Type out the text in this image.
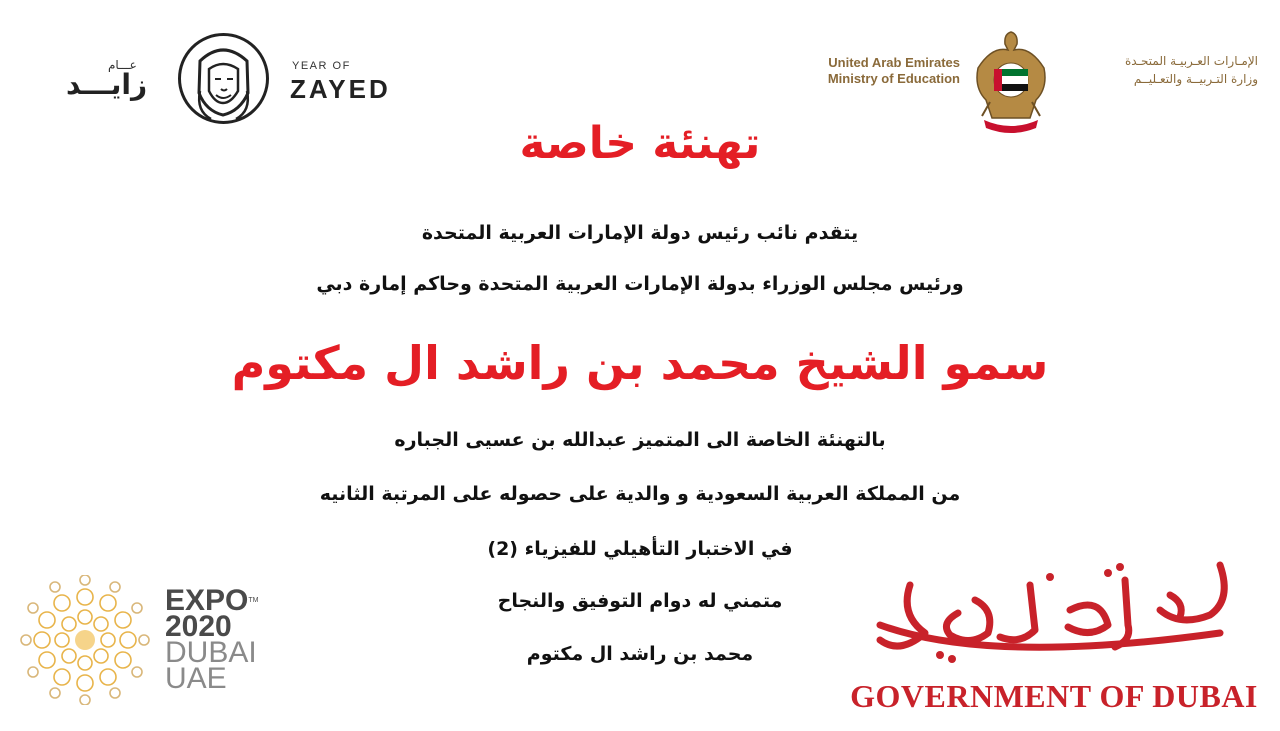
عـــام
زايـــد
YEAR OF
ZAYED
United Arab Emirates
Ministry of Education
الإمـارات العـربيـة المتحـدة
وزارة التـربيــة والتعـليــم
تهنئة خاصة
يتقدم نائب رئيس دولة الإمارات العربية المتحدة
ورئيس مجلس الوزراء بدولة الإمارات العربية المتحدة وحاكم إمارة دبي
سمو الشيخ محمد بن راشد ال مكتوم
بالتهنئة الخاصة الى المتميز عبدالله بن عسيى الجباره
من المملكة العربية السعودية و والدية على حصوله على المرتبة الثانيه
في الاختبار التأهيلي للفيزياء (2)
متمني له دوام التوفيق والنجاح
محمد بن راشد ال مكتوم
EXPO™
2020
DUBAI
UAE	GOVERNMENT OF DUBAI
